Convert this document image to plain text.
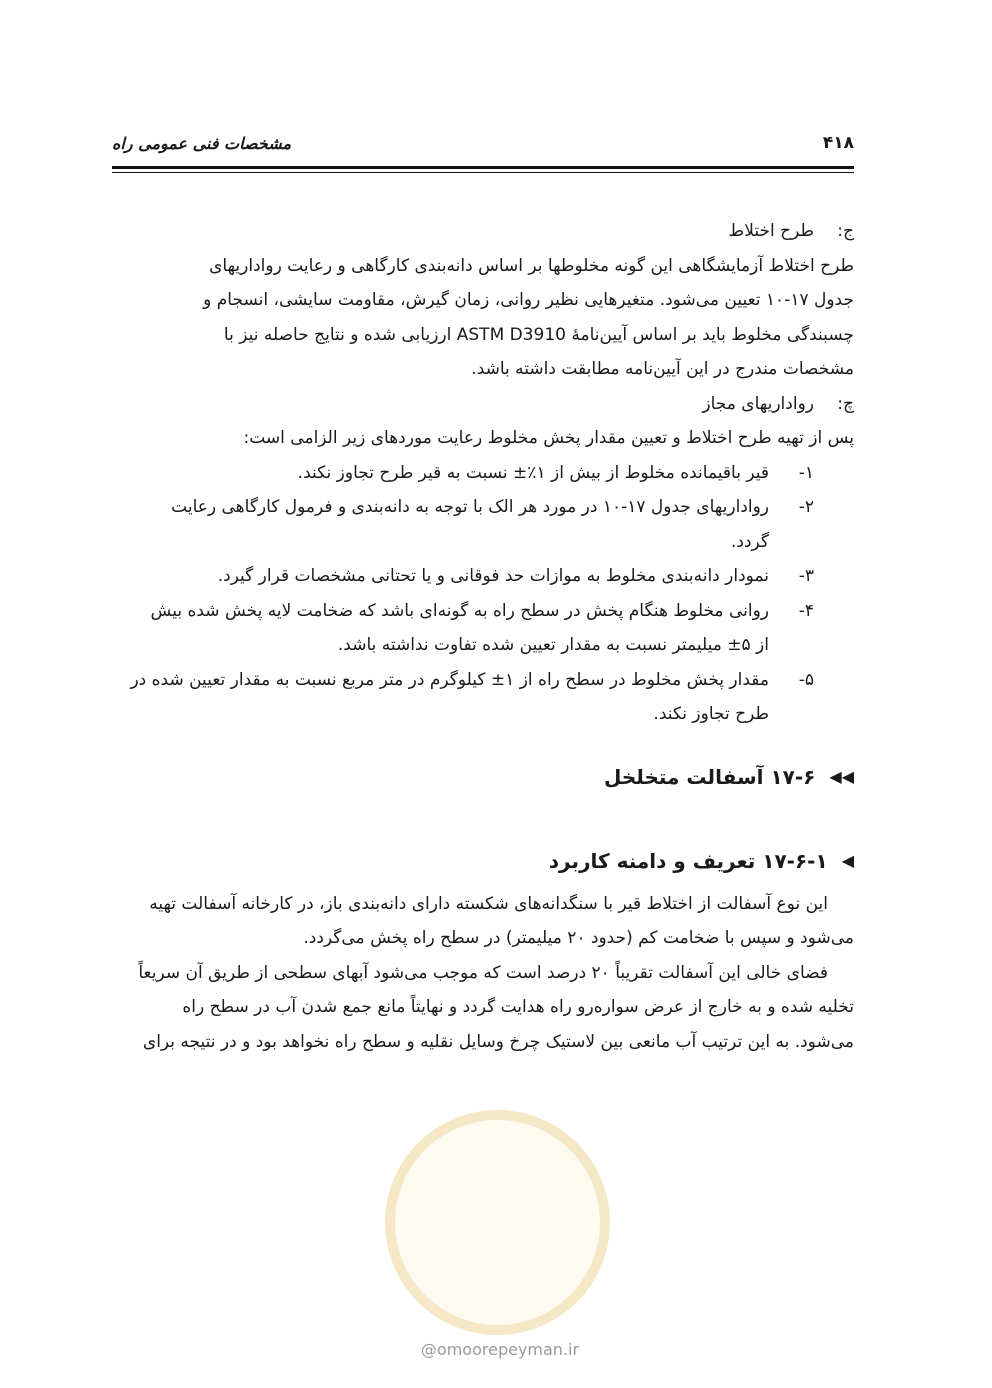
۴۱۸
مشخصات فنی عمومی راه
ج:
طرح اختلاط
طرح اختلاط آزمایشگاهی این گونه مخلوطها بر اساس دانه‌بندی کارگاهی و رعایت رواداریهای
جدول ۱۷-۱۰ تعیین می‌شود. متغیرهایی نظیر روانی، زمان گیرش، مقاومت سایشی، انسجام و
چسبندگی مخلوط باید بر اساس آیین‌نامهٔ ASTM D3910 ارزیابی شده و نتایج حاصله نیز با
مشخصات مندرج در این آیین‌نامه مطابقت داشته باشد.
چ:
رواداریهای مجاز
پس از تهیه طرح اختلاط و تعیین مقدار پخش مخلوط رعایت موردهای زیر الزامی است:
۱-
قیر باقیمانده مخلوط از بیش از ۱٪± نسبت به قیر طرح تجاوز نکند.
۲-
رواداریهای جدول ۱۷-۱۰ در مورد هر الک با توجه به دانه‌بندی و فرمول کارگاهی رعایت
گردد.
۳-
نمودار دانه‌بندی مخلوط به موازات حد فوقانی و یا تحتانی مشخصات قرار گیرد.
۴-
روانی مخلوط هنگام پخش در سطح راه به گونه‌ای باشد که ضخامت لایه پخش شده بیش
از ۵± میلیمتر نسبت به مقدار تعیین شده تفاوت نداشته باشد.
۵-
مقدار پخش مخلوط در سطح راه از ۱± کیلوگرم در متر مربع نسبت به مقدار تعیین شده در
طرح تجاوز نکند.
◀◀
۱۷-۶ آسفالت متخلخل
◀
۱۷-۶-۱ تعریف و دامنه کاربرد
این نوع آسفالت از اختلاط قیر با سنگدانه‌های شکسته دارای دانه‌بندی باز، در کارخانه آسفالت تهیه
می‌شود و سپس با ضخامت کم (حدود ۲۰ میلیمتر) در سطح راه پخش می‌گردد.
فضای خالی این آسفالت تقریباً ۲۰ درصد است که موجب می‌شود آبهای سطحی از طریق آن سریعاً
تخلیه شده و به خارج از عرض سواره‌رو راه هدایت گردد و نهایتاً مانع جمع شدن آب در سطح راه
می‌شود. به این ترتیب آب مانعی بین لاستیک چرخ وسایل نقلیه و سطح راه نخواهد بود و در نتیجه برای
@omoorepeyman.ir
